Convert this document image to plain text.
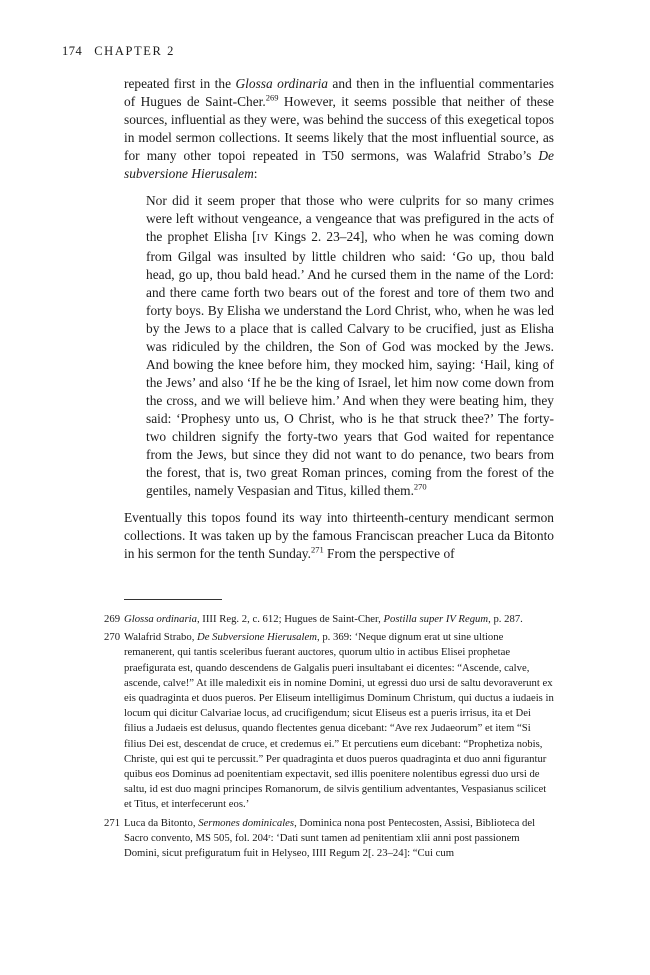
174 CHAPTER 2

repeated first in the Glossa ordinaria and then in the influential commentaries of Hugues de Saint-Cher.$^{269}$ However, it seems possible that neither of these sources, influential as they were, was behind the success of this exegetical topos in model sermon collections. It seems likely that the most influential source, as for many other topoi repeated in T50 sermons, was Walafrid Strabo’s De subversione Hierusalem:

Nor did it seem proper that those who were culprits for so many crimes were left without vengeance, a vengeance that was prefigured in the acts of the prophet Elisha [IV Kings 2. 23–24], who when he was coming down from Gilgal was insulted by little children who said: ‘Go up, thou bald head, go up, thou bald head.’ And he cursed them in the name of the Lord: and there came forth two bears out of the forest and tore of them two and forty boys. By Elisha we understand the Lord Christ, who, when he was led by the Jews to a place that is called Calvary to be crucified, just as Elisha was ridiculed by the children, the Son of God was mocked by the Jews. And bowing the knee before him, they mocked him, saying: ‘Hail, king of the Jews’ and also ‘If he be the king of Israel, let him now come down from the cross, and we will believe him.’ And when they were beating him, they said: ‘Prophesy unto us, O Christ, who is he that struck thee?’ The forty-two children signify the forty-two years that God waited for repentance from the Jews, but since they did not want to do penance, two bears from the forest, that is, two great Roman princes, coming from the forest of the gentiles, namely Vespasian and Titus, killed them.$^{270}$

Eventually this topos found its way into thirteenth-century mendicant sermon collections. It was taken up by the famous Franciscan preacher Luca da Bitonto in his sermon for the tenth Sunday.$^{271}$ From the perspective of

269 Glossa ordinaria, IIII Reg. 2, c. 612; Hugues de Saint-Cher, Postilla super IV Regum, p. 287.
270 Walafrid Strabo, De Subversione Hierusalem, p. 369: ‘Neque dignum erat ut sine ultione remanerent, qui tantis sceleribus fuerant auctores, quorum ultio in actibus Elisei prophetae praefigurata est, quando descendens de Galgalis pueri insultabant ei dicentes: “Ascende, calve, ascende, calve!” At ille maledixit eis in nomine Domini, ut egressi duo ursi de saltu devoraverunt ex eis quadraginta et duos pueros. Per Eliseum intelligimus Dominum Christum, qui ductus a iudaeis in locum qui dicitur Calvariae locus, ad crucifigendum; sicut Eliseus est a pueris irrisus, ita et Dei filius a Judaeis est delusus, quando flectentes genua dicebant: “Ave rex Judaeorum” et item “Si filius Dei est, descendat de cruce, et credemus ei.” Et percutiens eum dicebant: “Prophetiza nobis, Christe, qui est qui te percussit.” Per quadraginta et duos pueros quadraginta et duo anni figurantur quibus eos Dominus ad poenitentiam expectavit, sed illis poenitere nolentibus egressi duo ursi de saltu, id est duo magni principes Romanorum, de silvis gentilium adventantes, Vespasianus scilicet et Titus, et interfecerunt eos.’
271 Luca da Bitonto, Sermones dominicales, Dominica nona post Pentecosten, Assisi, Biblioteca del Sacro convento, MS 505, fol. 204ʳ: ‘Dati sunt tamen ad penitentiam xlii anni post passionem Domini, sicut prefiguratum fuit in Helyseo, IIII Regum 2[. 23–24]: “Cui cum
